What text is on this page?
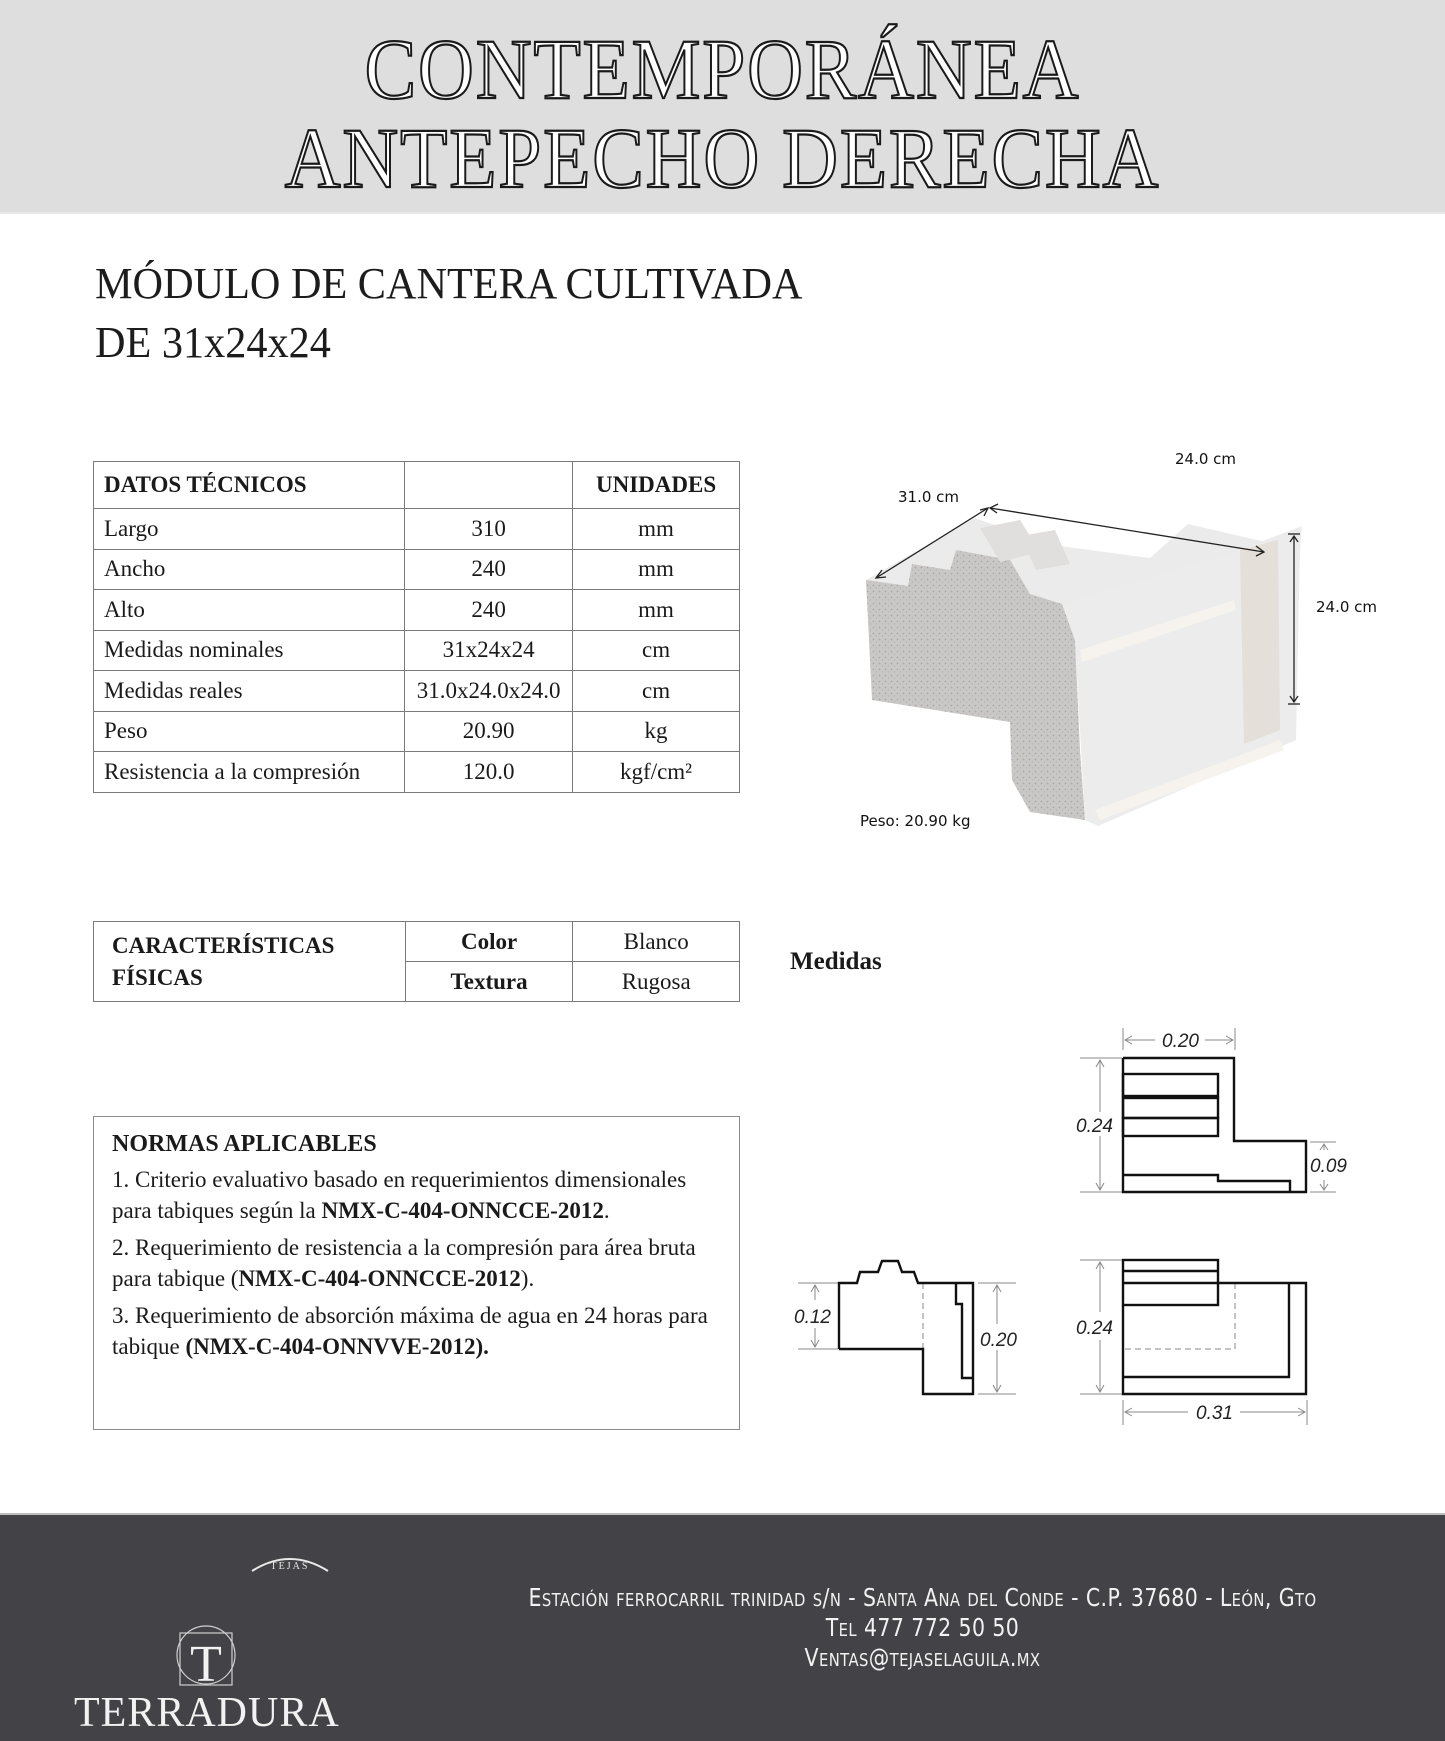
CONTEMPORÁNEA
ANTEPECHO DERECHA
MÓDULO DE CANTERA CULTIVADA
DE 31x24x24
DATOS TÉCNICOS		UNIDADES
Largo	310	mm
Ancho	240	mm
Alto	240	mm
Medidas nominales	31x24x24	cm
Medidas reales	31.0x24.0x24.0	cm
Peso	20.90	kg
Resistencia a la compresión	120.0	kgf/cm²
31.0 cm
24.0 cm
24.0 cm
Peso: 20.90 kg
CARACTERÍSTICAS
FÍSICAS	Color	Blanco
	Textura	Rugosa
Medidas
0.20
0.24
0.09
0.12
0.20
0.24
0.31
NORMAS APLICABLES
1. Criterio evaluativo basado en requerimientos dimensionales para tabiques según la NMX-C-404-ONNCCE-2012.
2. Requerimiento de resistencia a la compresión para área bruta para tabique (NMX-C-404-ONNCCE-2012).
3. Requerimiento de absorción máxima de agua en 24 horas para tabique (NMX-C-404-ONNVVE-2012).
TEJAS
T
TERRADURA
Estación ferrocarril trinidad s/n - Santa Ana del Conde - C.P. 37680 - León, Gto
Tel 477 772 50 50
Ventas@tejaselaguila.mx
